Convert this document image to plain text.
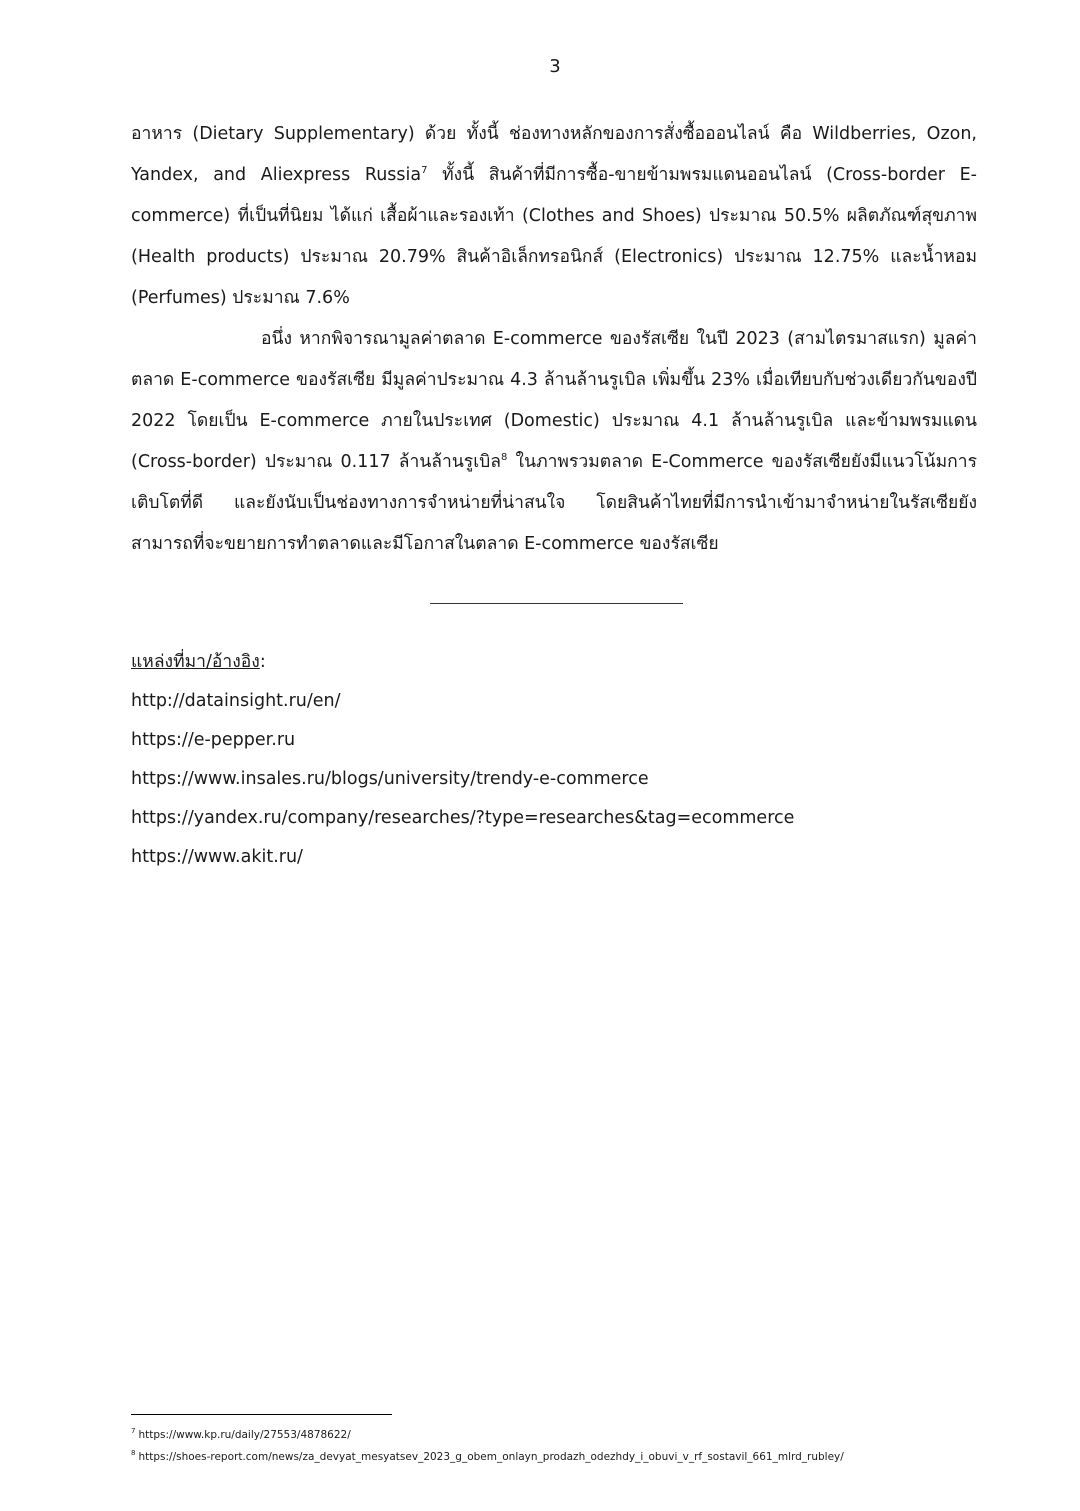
3

อาหาร (Dietary Supplementary) ด้วย ทั้งนี้ ช่องทางหลักของการสั่งซื้อออนไลน์ คือ Wildberries, Ozon, Yandex, and Aliexpress Russia$^7$ ทั้งนี้ สินค้าที่มีการซื้อ-ขายข้ามพรมแดนออนไลน์ (Cross-border E-commerce) ที่เป็นที่นิยม ได้แก่ เสื้อผ้าและรองเท้า (Clothes and Shoes) ประมาณ 50.5% ผลิตภัณฑ์สุขภาพ (Health products) ประมาณ 20.79% สินค้าอิเล็กทรอนิกส์ (Electronics) ประมาณ 12.75% และน้ำหอม (Perfumes) ประมาณ 7.6%

อนึ่ง หากพิจารณามูลค่าตลาด E-commerce ของรัสเซีย ในปี 2023 (สามไตรมาสแรก) มูลค่าตลาด E-commerce ของรัสเซีย มีมูลค่าประมาณ 4.3 ล้านล้านรูเบิล เพิ่มขึ้น 23% เมื่อเทียบกับช่วงเดียวกันของปี 2022 โดยเป็น E-commerce ภายในประเทศ (Domestic) ประมาณ 4.1 ล้านล้านรูเบิล และข้ามพรมแดน (Cross-border) ประมาณ 0.117 ล้านล้านรูเบิล$^8$ ในภาพรวมตลาด E-Commerce ของรัสเซียยังมีแนวโน้มการเติบโตที่ดี และยังนับเป็นช่องทางการจำหน่ายที่น่าสนใจ โดยสินค้าไทยที่มีการนำเข้ามาจำหน่ายในรัสเซียยังสามารถที่จะขยายการทำตลาดและมีโอกาสในตลาด E-commerce ของรัสเซีย

แหล่งที่มา/อ้างอิง:
http://datainsight.ru/en/
https://e-pepper.ru
https://www.insales.ru/blogs/university/trendy-e-commerce
https://yandex.ru/company/researches/?type=researches&tag=ecommerce
https://www.akit.ru/
$^7$ https://www.kp.ru/daily/27553/4878622/
$^8$ https://shoes-report.com/news/za_devyat_mesyatsev_2023_g_obem_onlayn_prodazh_odezhdy_i_obuvi_v_rf_sostavil_661_mlrd_rubley/
